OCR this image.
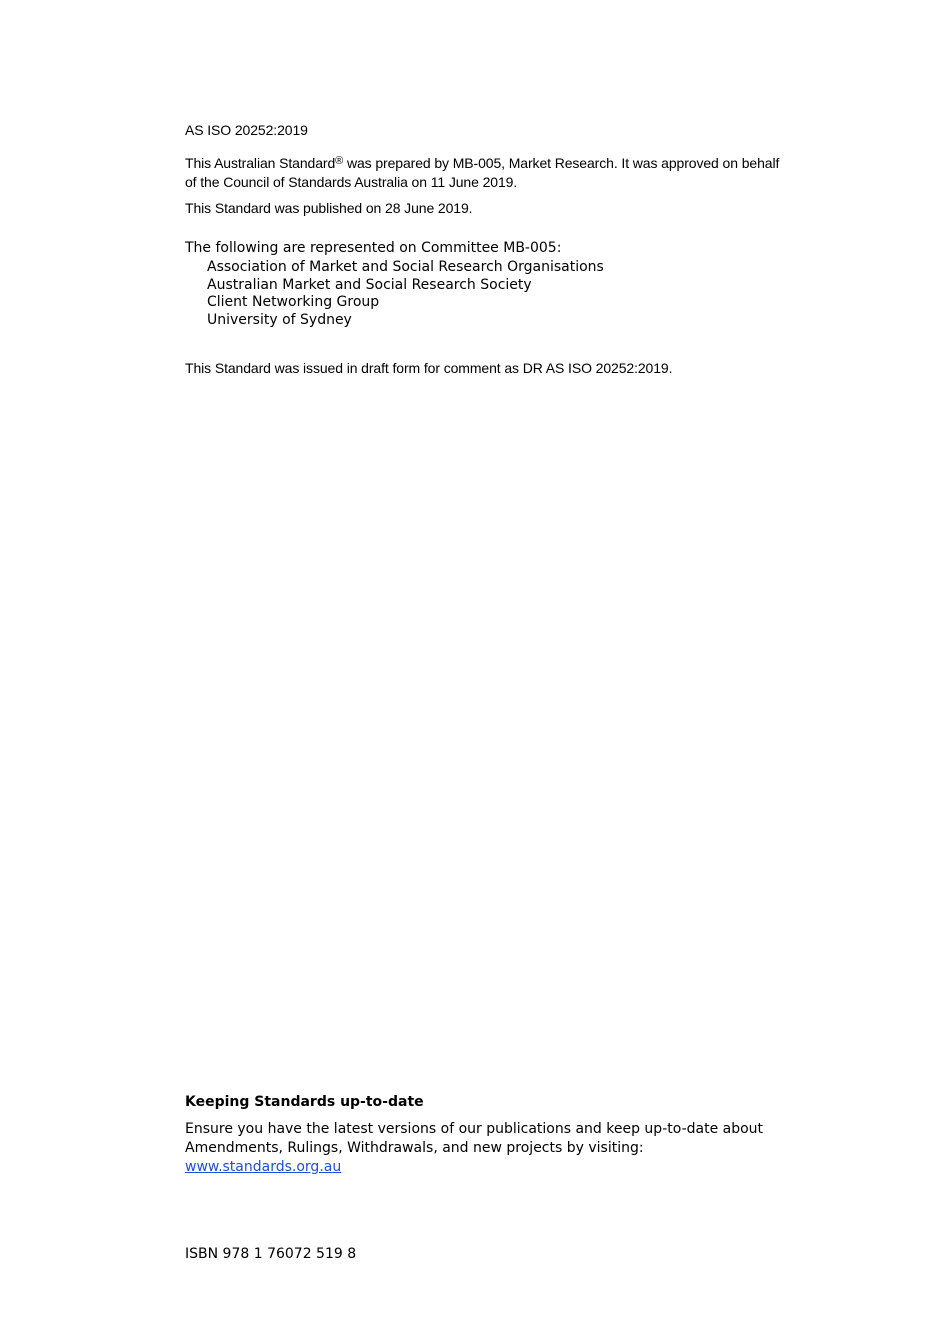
AS ISO 20252:2019
This Australian Standard® was prepared by MB-005, Market Research. It was approved on behalf of the Council of Standards Australia on 11 June 2019.
This Standard was published on 28 June 2019.
The following are represented on Committee MB-005:
Association of Market and Social Research Organisations
Australian Market and Social Research Society
Client Networking Group
University of Sydney
This Standard was issued in draft form for comment as DR AS ISO 20252:2019.
Keeping Standards up-to-date
Ensure you have the latest versions of our publications and keep up-to-date about Amendments, Rulings, Withdrawals, and new projects by visiting:
www.standards.org.au
ISBN 978 1 76072 519 8
